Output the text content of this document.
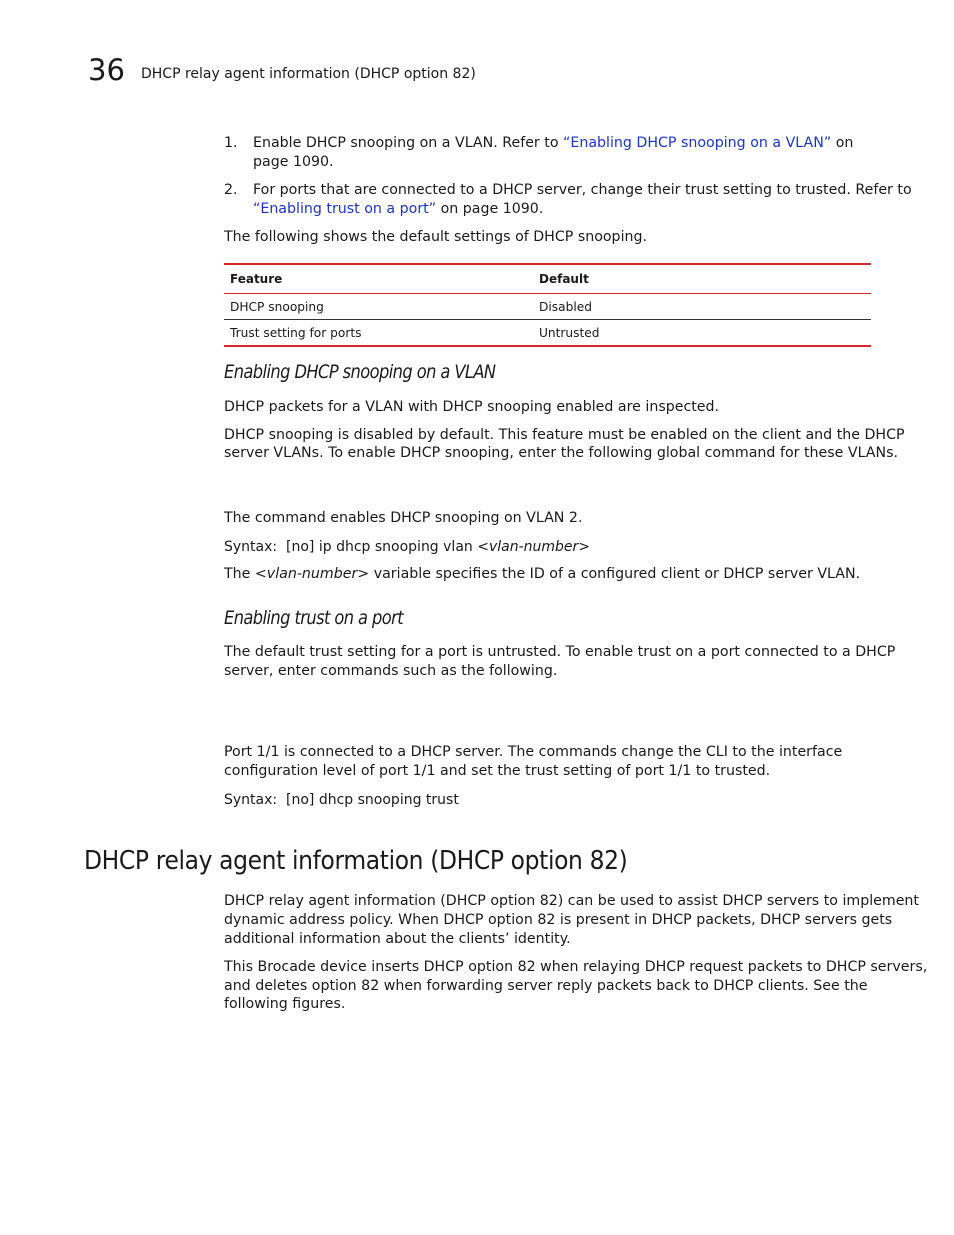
36 DHCP relay agent information (DHCP option 82)
1.	Enable DHCP snooping on a VLAN. Refer to “Enabling DHCP snooping on a VLAN” on
page 1090.
2.	For ports that are connected to a DHCP server, change their trust setting to trusted. Refer to
“Enabling trust on a port” on page 1090.
The following shows the default settings of DHCP snooping.
Feature	Default
DHCP snooping	Disabled
Trust setting for ports	Untrusted
Enabling DHCP snooping on a VLAN
DHCP packets for a VLAN with DHCP snooping enabled are inspected.
DHCP snooping is disabled by default. This feature must be enabled on the client and the DHCP
server VLANs. To enable DHCP snooping, enter the following global command for these VLANs.
The command enables DHCP snooping on VLAN 2.
Syntax: [no] ip dhcp snooping vlan <vlan-number>
The <vlan-number> variable specifies the ID of a configured client or DHCP server VLAN.
Enabling trust on a port
The default trust setting for a port is untrusted. To enable trust on a port connected to a DHCP
server, enter commands such as the following.
Port 1/1 is connected to a DHCP server. The commands change the CLI to the interface
configuration level of port 1/1 and set the trust setting of port 1/1 to trusted.
Syntax: [no] dhcp snooping trust
DHCP relay agent information (DHCP option 82)
DHCP relay agent information (DHCP option 82) can be used to assist DHCP servers to implement
dynamic address policy. When DHCP option 82 is present in DHCP packets, DHCP servers gets
additional information about the clients’ identity.
This Brocade device inserts DHCP option 82 when relaying DHCP request packets to DHCP servers,
and deletes option 82 when forwarding server reply packets back to DHCP clients. See the
following figures.
